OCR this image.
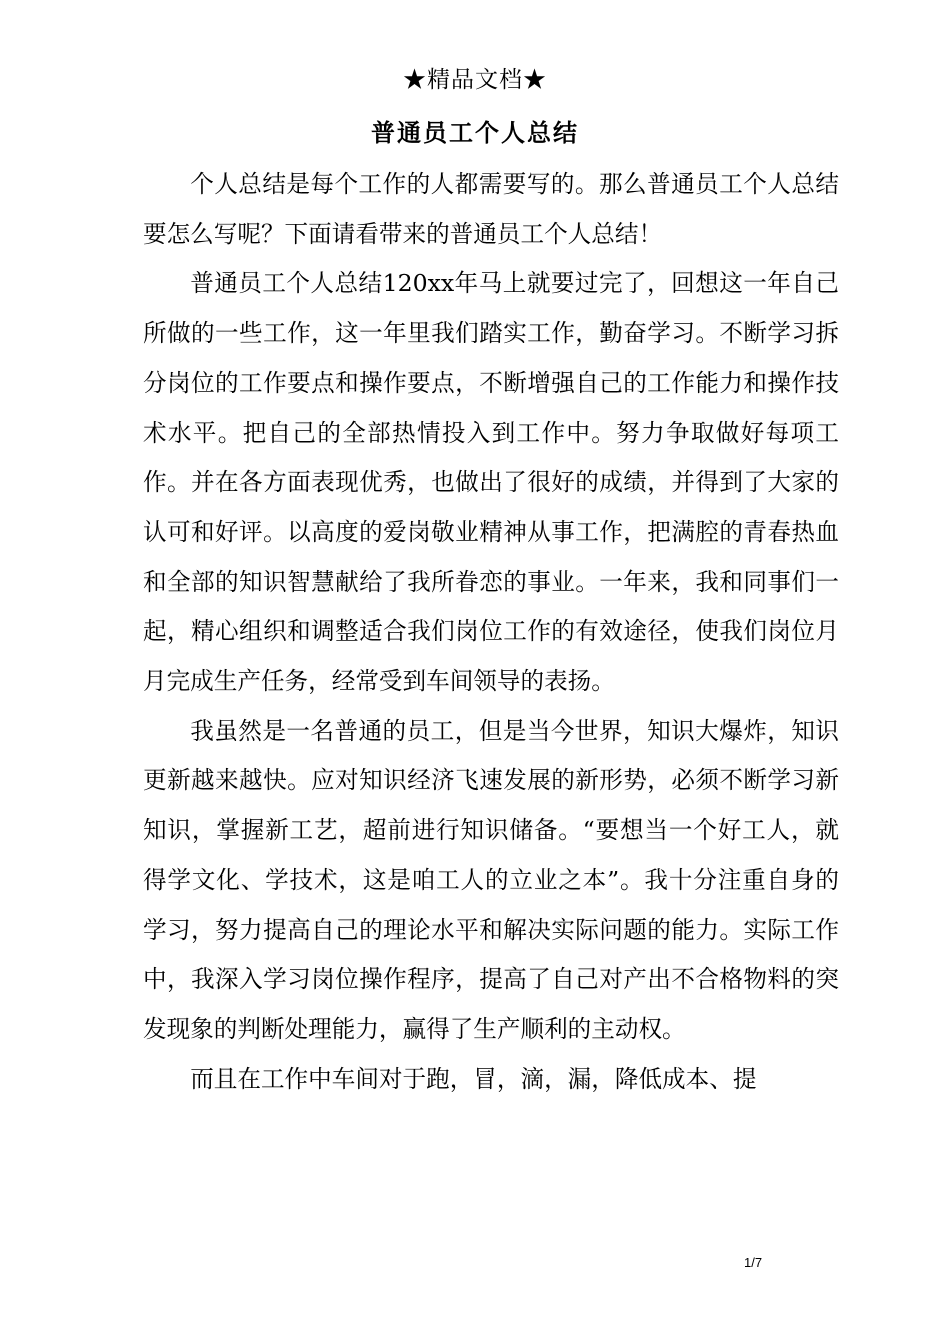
★精品文档★
普通员工个人总结

个人总结是每个工作的人都需要写的。那么普通员工个人总结要怎么写呢？下面请看带来的普通员工个人总结！

普通员工个人总结120xx年马上就要过完了，回想这一年自己所做的一些工作，这一年里我们踏实工作，勤奋学习。不断学习拆分岗位的工作要点和操作要点，不断增强自己的工作能力和操作技术水平。把自己的全部热情投入到工作中。努力争取做好每项工作。并在各方面表现优秀，也做出了很好的成绩，并得到了大家的认可和好评。以高度的爱岗敬业精神从事工作，把满腔的青春热血和全部的知识智慧献给了我所眷恋的事业。一年来，我和同事们一起，精心组织和调整适合我们岗位工作的有效途径，使我们岗位月月完成生产任务，经常受到车间领导的表扬。

我虽然是一名普通的员工，但是当今世界，知识大爆炸，知识更新越来越快。应对知识经济飞速发展的新形势，必须不断学习新知识，掌握新工艺，超前进行知识储备。“要想当一个好工人，就得学文化、学技术，这是咱工人的立业之本”。我十分注重自身的学习，努力提高自己的理论水平和解决实际问题的能力。实际工作中，我深入学习岗位操作程序，提高了自己对产出不合格物料的突发现象的判断处理能力，赢得了生产顺利的主动权。

而且在工作中车间对于跑，冒，滴，漏，降低成本、提

1/7
